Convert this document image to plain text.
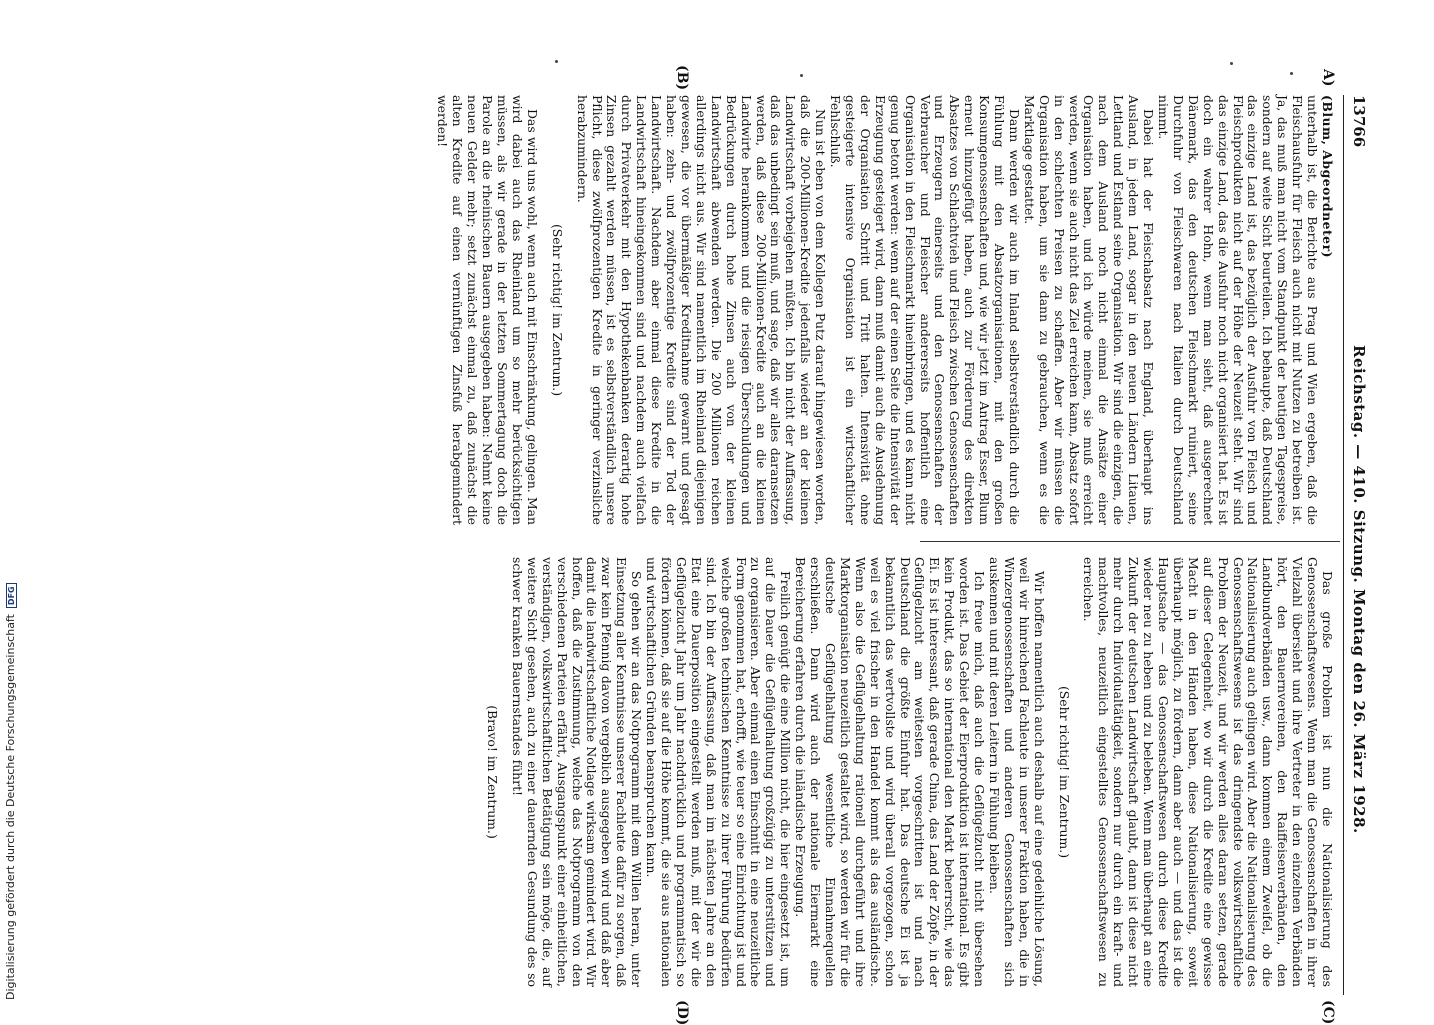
13766
Reichstag. — 410. Sitzung. Montag den 26. März 1928.
A)
(B)
(C)
(D)

(Blum, Abgeordneter)

unterhalb ist, die Berichte aus Prag und Wien ergeben, daß die Fleischausfuhr für Fleisch auch nicht mit Nutzen zu betreiben ist. Ja, das muß man nicht vom Standpunkt der heutigen Tagespreise, sondern auf weite Sicht beurteilen. Ich behaupte, daß Deutschland das einzige Land ist, das bezüglich der Ausfuhr von Fleisch und Fleischprodukten nicht auf der Höhe der Neuzeit steht. Wir sind das einzige Land, das die Ausfuhr noch nicht organisiert hat. Es ist doch ein wahrer Hohn, wenn man sieht, daß ausgerechnet Dänemark, das den deutschen Fleischmarkt ruiniert, seine Durchfuhr von Fleischwaren nach Italien durch Deutschland nimmt.

Dabei hat der Fleischabsatz nach England, überhaupt ins Ausland, in jedem Land, sogar in den neuen Ländern Litauen, Lettland und Estland seine Organisation. Wir sind die einzigen, die nach dem Ausland noch nicht einmal die Ansätze einer Organisation haben, und ich würde meinen, sie muß erreicht werden, wenn sie auch nicht das Ziel erreichen kann, Absatz sofort in den schlechten Preisen zu schaffen. Aber wir müssen die Organisation haben, um sie dann zu gebrauchen, wenn es die Marktlage gestattet.

Dann werden wir auch im Inland selbstverständlich durch die Fühlung mit den Absatzorganisationen, mit den großen Konsumgenossenschaften und, wie wir jetzt im Antrag Esser, Blum erneut hinzugefügt haben, auch zur Förderung des direkten Absatzes von Schlachtvieh und Fleisch zwischen Genossenschaften und Erzeugern einerseits und den Genossenschaften der Verbraucher und Fleischer andererseits hoffentlich eine Organisation in den Fleischmarkt hineinbringen, und es kann nicht genug betont werden: wenn auf der einen Seite die Intensivität der Erzeugung gesteigert wird, dann muß damit auch die Ausdehnung der Organisation Schritt und Tritt halten. Intensivität ohne gesteigerte intensive Organisation ist ein wirtschaftlicher Fehlschluß.

Nun ist eben von dem Kollegen Putz darauf hingewiesen worden, daß die 200-Millionen-Kredite jedenfalls wieder an der kleinen Landwirtschaft vorbeigehen müßten. Ich bin nicht der Auffassung, daß das unbedingt sein muß, und sage, daß wir alles daransetzen werden, daß diese 200-Millionen-Kredite auch an die kleinen Landwirte herankommen und die riesigen Überschuldungen und Bedrückungen durch hohe Zinsen auch von der kleinen Landwirtschaft abwenden werden. Die 200 Millionen reichen allerdings nicht aus. Wir sind namentlich im Rheinland diejenigen gewesen, die vor übermäßiger Kreditnahme gewarnt und gesagt haben: zehn- und zwölfprozentige Kredite sind der Tod der Landwirtschaft. Nachdem aber einmal diese Kredite in die Landwirtschaft hineingekommen sind und nachdem auch vielfach durch Privatverkehr mit den Hypothekenbanken derartig hohe Zinsen gezahlt werden müssen, ist es selbstverständlich unsere Pflicht, diese zwölfprozentigen Kredite in geringer verzinsliche herabzumindern.

(Sehr richtig! im Zentrum.)

Das wird uns wohl, wenn auch mit Einschränkung, gelingen. Man wird dabei auch das Rheinland um so mehr berücksichtigen müssen, als wir gerade in der letzten Sommertagung doch die Parole an die rheinischen Bauern ausgegeben haben: Nehmt keine neuen Gelder mehr; setzt zunächst einmal zu, daß zunächst die alten Kredite auf einen vernünftigen Zinsfuß herabgemindert werden!

Das große Problem ist nun die Nationalisierung des Genossenschaftswesens. Wenn man die Genossenschaften in ihrer Vielzahl übersieht und ihre Vertreter in den einzelnen Verbänden hört, den Bauernvereinen, den Raiffeisenverbänden, den Landbundverbänden usw., dann kommen einem Zweifel, ob die Nationalisierung auch gelingen wird. Aber die Nationalisierung des Genossenschaftswesens ist das dringendste volkswirtschaftliche Problem der Neuzeit, und wir werden alles daran setzen, gerade auf dieser Gelegenheit, wo wir durch die Kredite eine gewisse Macht in den Händen haben, diese Nationalisierung, soweit überhaupt möglich, zu fördern, dann aber auch — und das ist die Hauptsache — das Genossenschaftswesen durch diese Kredite wieder neu zu heben und zu beleben. Wenn man überhaupt an eine Zukunft der deutschen Landwirtschaft glaubt, dann ist diese nicht mehr durch Individualtätigkeit, sondern nur durch ein kraft- und machtvolles, neuzeitlich eingestelltes Genossenschaftswesen zu erreichen.

(Sehr richtig! im Zentrum.)

Wir hoffen namentlich auch deshalb auf eine gedeihliche Lösung, weil wir hinreichend Fachleute in unserer Fraktion haben, die in Winzergenossenschaften und anderen Genossenschaften sich auskennen und mit deren Leitern in Fühlung bleiben.

Ich freue mich, daß auch die Geflügelzucht nicht übersehen worden ist. Das Gebiet der Eierproduktion ist international. Es gibt kein Produkt, das so international den Markt beherrscht, wie das Ei. Es ist interessant, daß gerade China, das Land der Zöpfe, in der Geflügelzucht am weitesten vorgeschritten ist und nach Deutschland die größte Einfuhr hat. Das deutsche Ei ist ja bekanntlich das wertvollste und wird überall vorgezogen, schon weil es viel frischer in den Handel kommt als das ausländische. Wenn also die Geflügelhaltung rationell durchgeführt und ihre Marktorganisation neuzeitlich gestaltet wird, so werden wir für die deutsche Geflügelhaltung wesentliche Einnahmequellen erschließen. Dann wird auch der nationale Eiermarkt eine Bereicherung erfahren durch die inländische Erzeugung.

Freilich genügt die eine Million nicht, die hier eingesetzt ist, um auf die Dauer die Geflügelhaltung großzügig zu unterstützen und zu organisieren. Aber einmal einen Einschnitt in eine neuzeitliche Form genommen hat, erhofft, wie teuer so eine Einrichtung ist und welche großen technischen Kenntnisse zu ihrer Führung bedürfen sind. Ich bin der Auffassung, daß man im nächsten Jahre an den Etat eine Dauerposition eingestellt werden muß, mit der wir die Geflügelzucht Jahr um Jahr nachdrücklich und programmatisch so fördern können, daß sie auf die Höhe kommt, die sie aus nationalen und wirtschaftlichen Gründen beanspruchen kann.

So gehen wir an das Notprogramm mit dem Willen heran, unter Einsetzung aller Kenntnisse unserer Fachleute dafür zu sorgen, daß zwar kein Pfennig davon vergeblich ausgegeben wird und daß aber damit die landwirtschaftliche Notlage wirksam gemindert wird. Wir hoffen, daß die Zustimmung, welche das Notprogramm von den verschiedenen Parteien erfährt, Ausgangspunkt einer einheitlichen, verständigen, volkswirtschaftlichen Betätigung sein möge, die, auf weitere Sicht gesehen, auch zu einer dauernden Gesundung des so schwer kranken Bauernstandes führt!

(Bravo! im Zentrum.)

Digitalisierung gefördert durch die Deutsche ForschungsgemeinschaftDFG
